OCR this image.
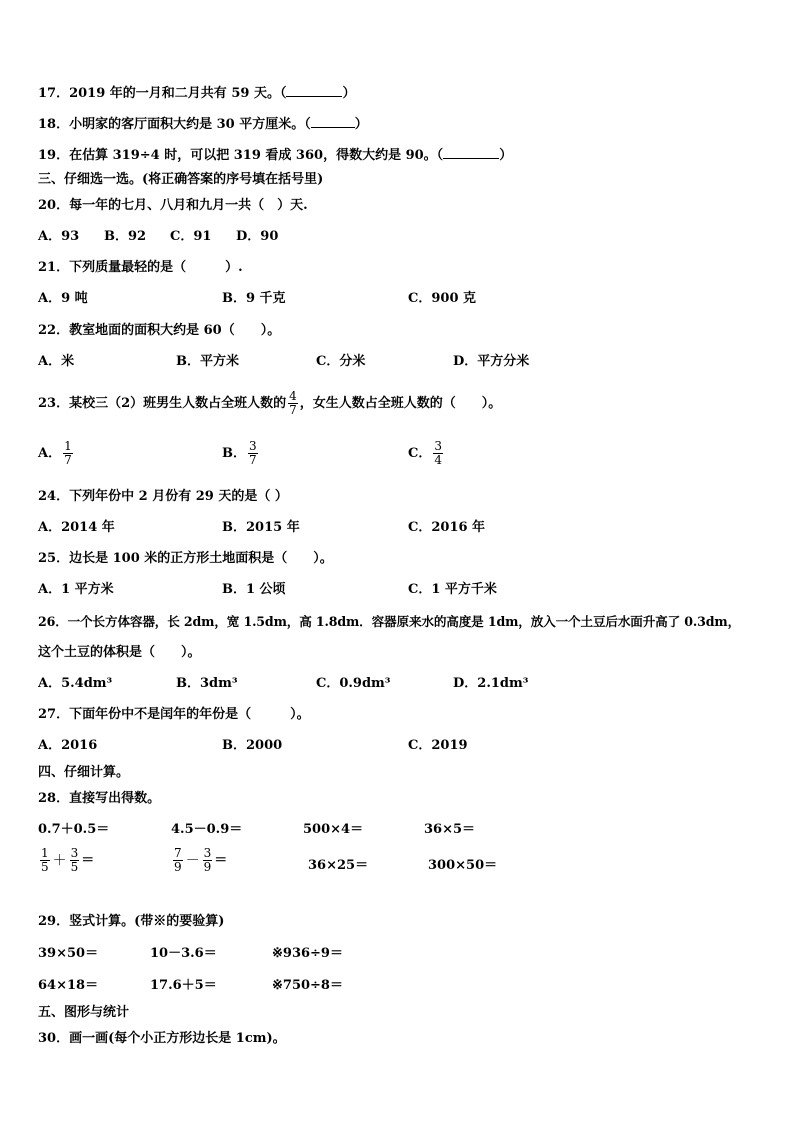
17．2019 年的一月和二月共有 59 天。（	）
18．小明家的客厅面积大约是 30 平方厘米。（	）
19．在估算 319÷4 时，可以把 319 看成 360，得数大约是 90。（	）
三、仔细选一选。(将正确答案的序号填在括号里)
20．每一年的七月、八月和九月一共（　）天.
A．93 B．92 C．91 D．90
21．下列质量最轻的是（　　　）.
A．9 吨	B．9 千克	C．900 克
22．教室地面的面积大约是 60（　　）。
A．米	B．平方米	C．分米	D．平方分米
23．某校三（2）班男生人数占全班人数的 $\frac{4}{7}$ ，女生人数占全班人数的（　　）。
A． $\frac{1}{7}$	B． $\frac{3}{7}$	C． $\frac{3}{4}$
24．下列年份中 2 月份有 29 天的是（ ）
A．2014 年	B．2015 年	C．2016 年
25．边长是 100 米的正方形土地面积是（　　）。
A．1 平方米	B．1 公顷	C．1 平方千米
26．一个长方体容器，长 2dm，宽 1.5dm，高 1.8dm．容器原来水的高度是 1dm，放入一个土豆后水面升高了 0.3dm，
这个土豆的体积是（　　）。
A．5.4dm³	B．3dm³	C．0.9dm³	D．2.1dm³
27．下面年份中不是闰年的年份是（　　　）。
A．2016	B．2000	C．2019
四、仔细计算。
28．直接写出得数。
0.7＋0.5＝	4.5－0.9＝	500×4＝	36×5＝
$\frac{1}{5} + \frac{3}{5}$ ＝	$\frac{7}{9} - \frac{3}{9}$ ＝	36×25＝	300×50＝
29．竖式计算。(带※的要验算)
39×50＝	10－3.6＝	※936÷9＝
64×18＝	17.6＋5＝	※750÷8＝
五、图形与统计
30．画一画(每个小正方形边长是 1cm)。
